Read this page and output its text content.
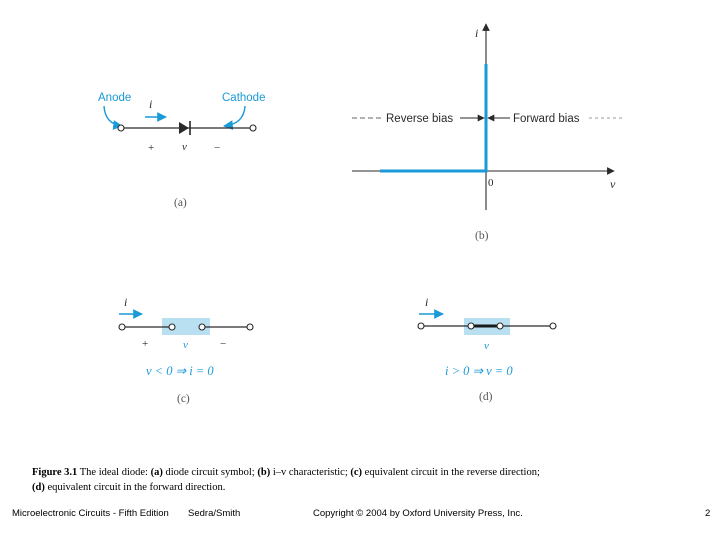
Anode	Cathode
i
+	v −
(a)
i
v
0
Reverse bias	Forward bias
(b)
i
+	v	−
v < 0 ⇒ i = 0
(c)
i
v
i > 0 ⇒ v = 0
(d)
Figure 3.1 The ideal diode: (a) diode circuit symbol; (b) i–v characteristic; (c) equivalent circuit in the reverse direction;
(d) equivalent circuit in the forward direction.
Microelectronic Circuits - Fifth Edition Sedra/Smith	Copyright © 2004 by Oxford University Press, Inc.	2
